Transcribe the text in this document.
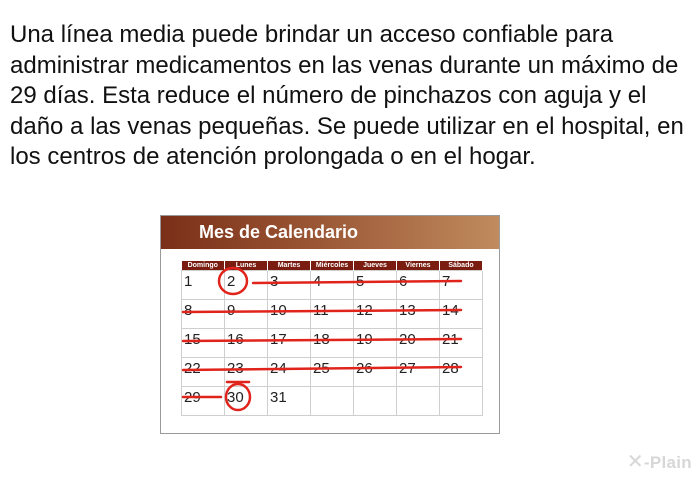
Una línea media puede brindar un acceso confiable para administrar medicamentos en las venas durante un máximo de 29 días. Esta reduce el número de pinchazos con aguja y el daño a las venas pequeñas. Se puede utilizar en el hospital, en los centros de atención prolongada o en el hogar.

Mes de Calendario
Domingo	Lunes	Martes	Miércoles	Jueves	Viernes	Sábado

1	2	3	4	5	6	7

8	9	10	11	12	13	14

15	16	17	18	19	20	21

22	23	24	25	26	27	28

29	30	31				

✕-Plain
